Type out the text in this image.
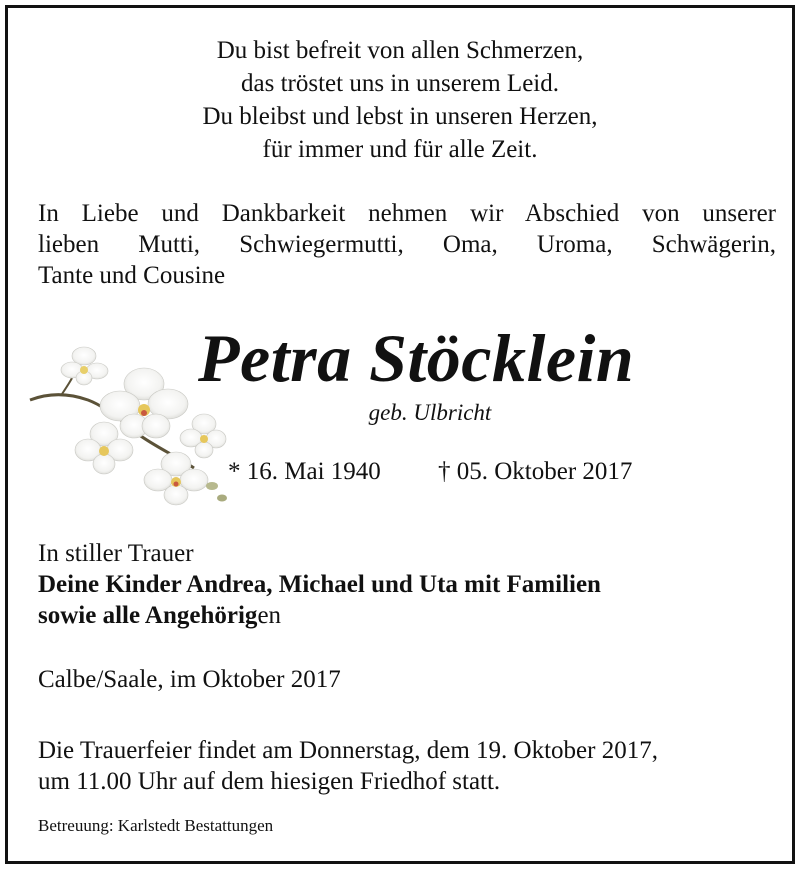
Du bist befreit von allen Schmerzen,
das tröstet uns in unserem Leid.
Du bleibst und lebst in unseren Herzen,
für immer und für alle Zeit.
In Liebe und Dankbarkeit nehmen wir Abschied von unserer
lieben Mutti, Schwiegermutti, Oma, Uroma, Schwägerin,
Tante und Cousine
Petra Stöcklein
geb. Ulbricht
* 16. Mai 1940 † 05. Oktober 2017
In stiller Trauer
Deine Kinder Andrea, Michael und Uta mit Familien
sowie alle Angehörigen
Calbe/Saale, im Oktober 2017
Die Trauerfeier findet am Donnerstag, dem 19. Oktober 2017,
um 11.00 Uhr auf dem hiesigen Friedhof statt.
Betreuung: Karlstedt Bestattungen
